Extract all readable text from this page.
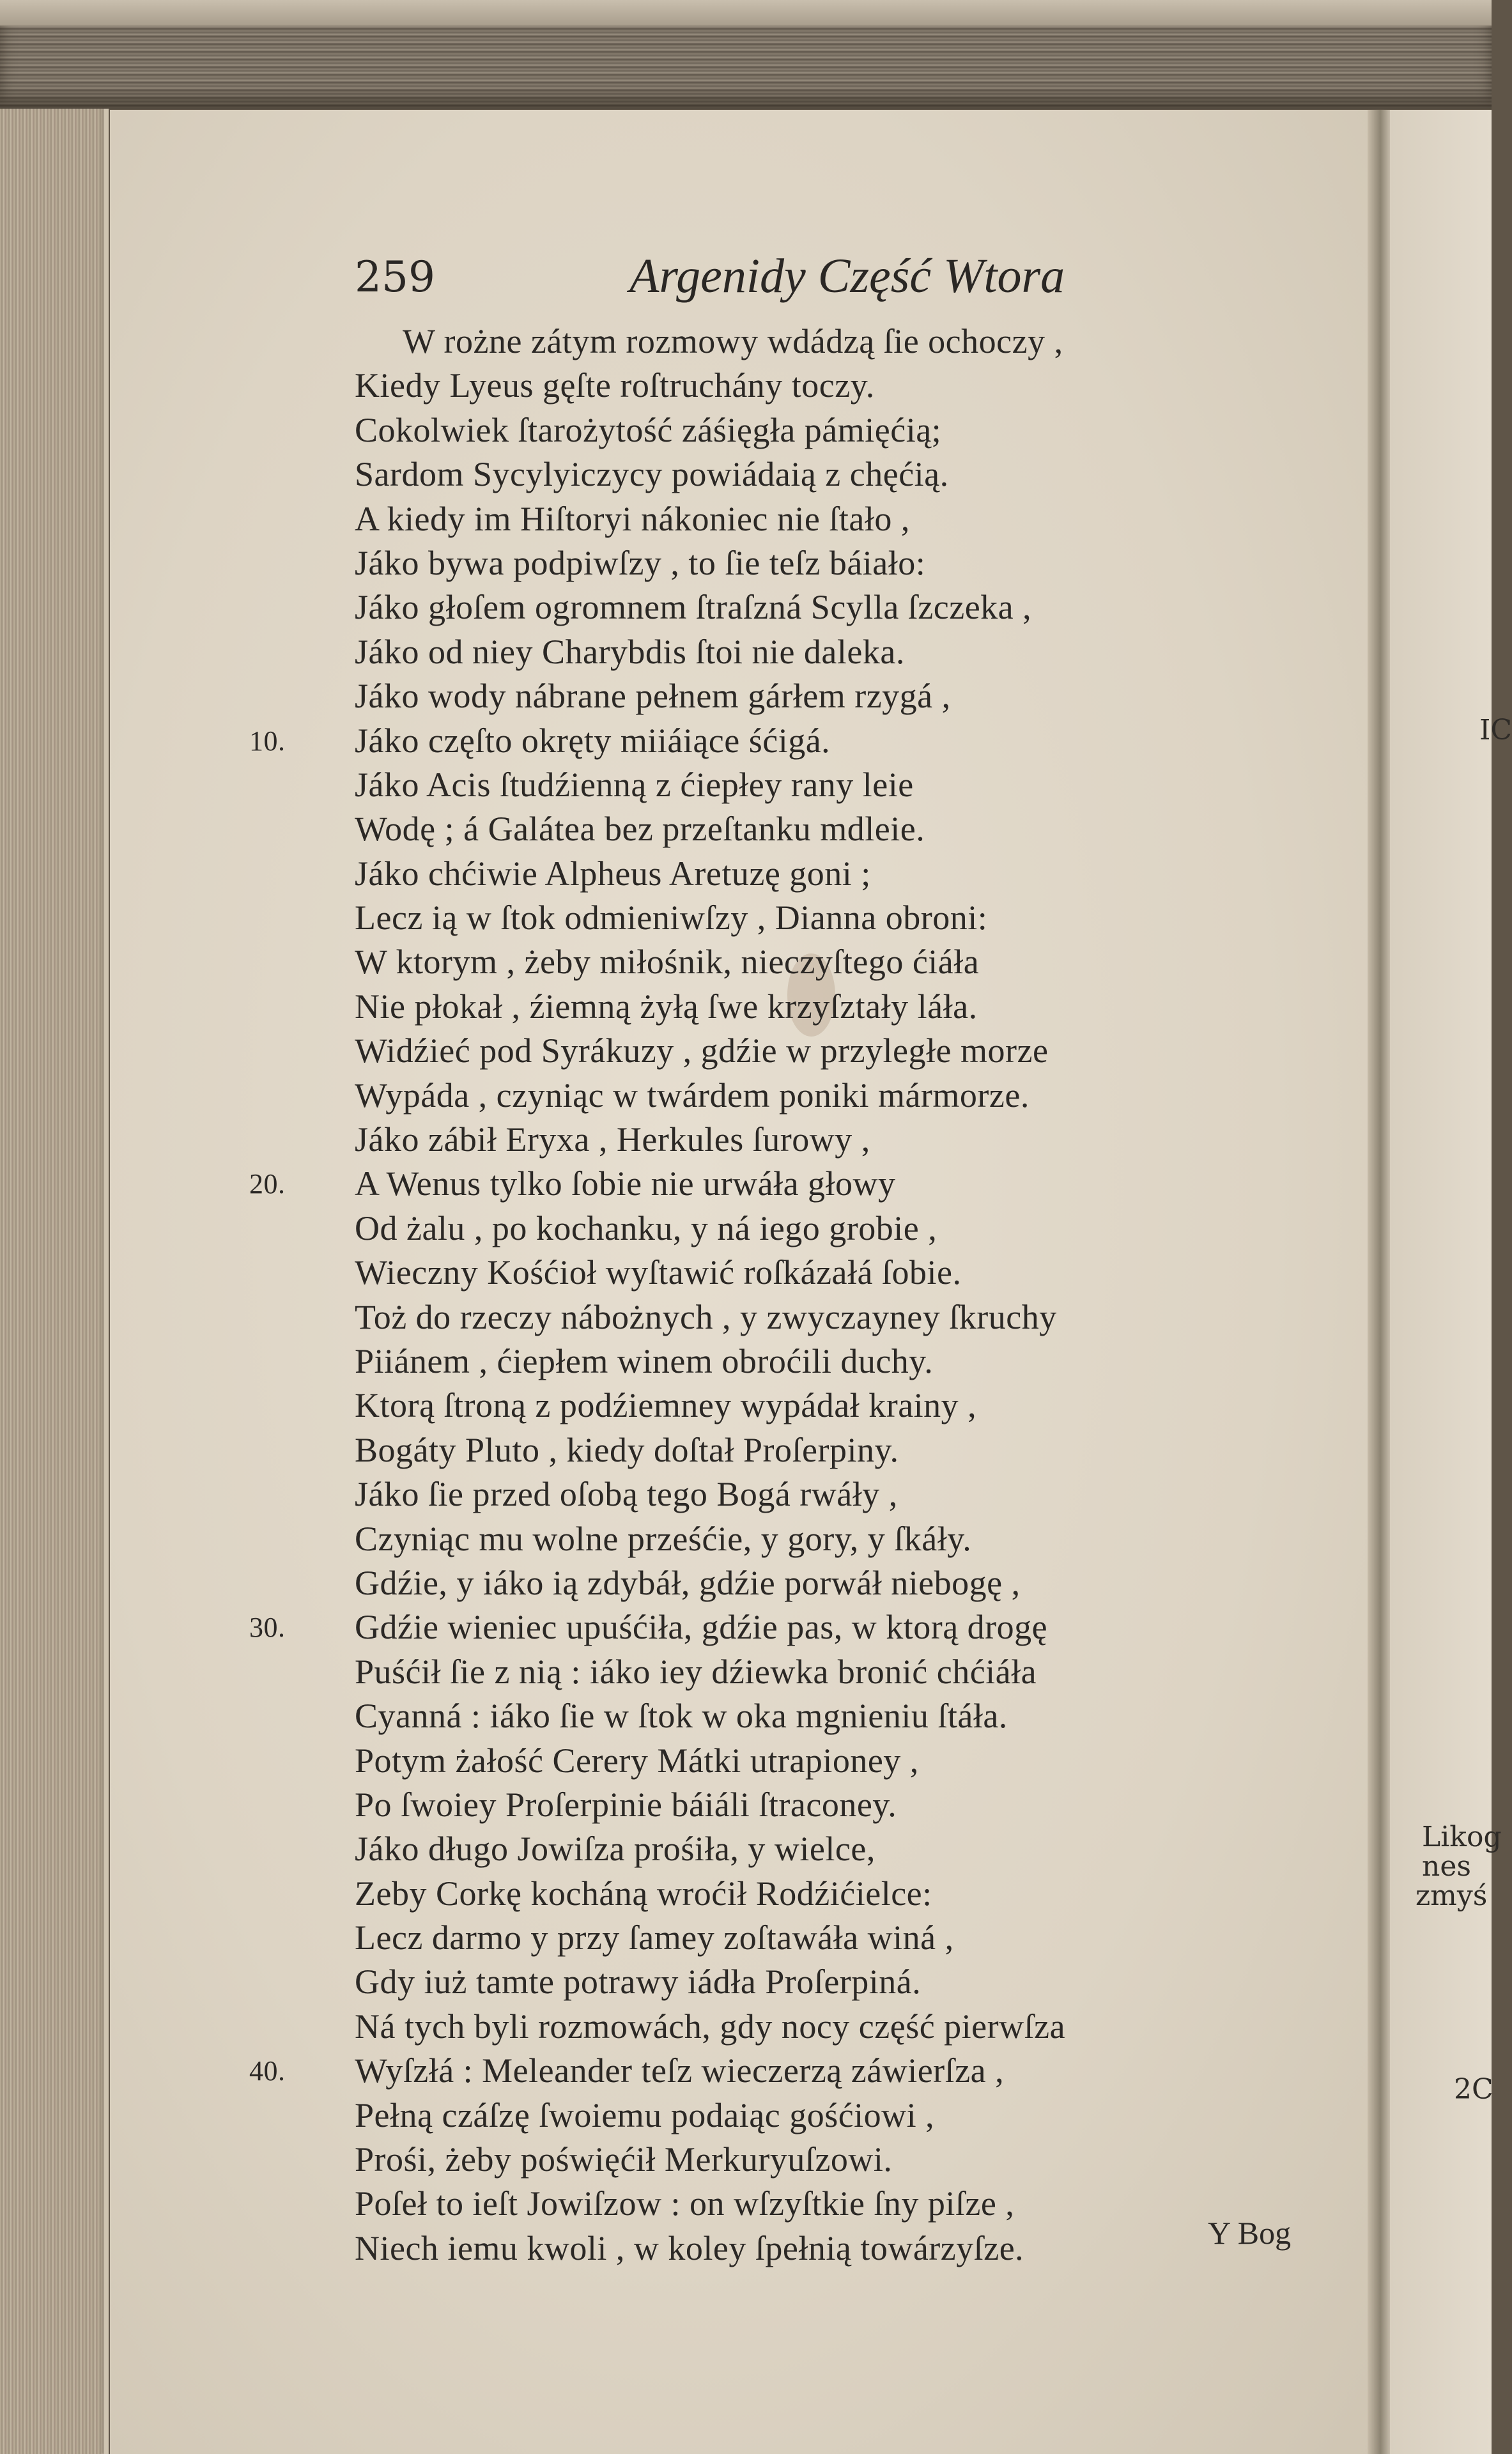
259	Argenidy Część Wtora
W rożne zátym rozmowy wdádzą ſie ochoczy ,
Kiedy Lyeus gęſte roſtruchány toczy.
Cokolwiek ſtarożytość záśięgła pámięćią;
Sardom Sycylyiczycy powiádaią z chęćią.
A kiedy im Hiſtoryi nákoniec nie ſtało ,
Jáko bywa podpiwſzy , to ſie teſz báiało:
Jáko głoſem ogromnem ſtraſzná Scylla ſzczeka ,
Jáko od niey Charybdis ſtoi nie daleka.
Jáko wody nábrane pełnem gárłem rzygá ,
Jáko częſto okręty miiáiące śćigá.
10.
Jáko Acis ſtudźienną z ćiepłey rany leie
Wodę ; á Galátea bez przeſtanku mdleie.
Jáko chćiwie Alpheus Aretuzę goni ;
Lecz ią w ſtok odmieniwſzy , Dianna obroni:
W ktorym , żeby miłośnik, nieczyſtego ćiáła
Nie płokał , źiemną żyłą ſwe krzyſztały láła.
Widźieć pod Syrákuzy , gdźie w przyległe morze
Wypáda , czyniąc w twárdem poniki mármorze.
Jáko zábił Eryxa , Herkules ſurowy ,
A Wenus tylko ſobie nie urwáła głowy
20.
Od żalu , po kochanku, y ná iego grobie ,
Wieczny Kośćioł wyſtawić roſkázałá ſobie.
Toż do rzeczy nábożnych , y zwyczayney ſkruchy
Piiánem , ćiepłem winem obroćili duchy.
Ktorą ſtroną z podźiemney wypádał krainy ,
Bogáty Pluto , kiedy doſtał Proſerpiny.
Jáko ſie przed oſobą tego Bogá rwáły ,
Czyniąc mu wolne prześćie, y gory, y ſkáły.
Gdźie, y iáko ią zdybáł, gdźie porwáł niebogę ,
Gdźie wieniec upuśćiła, gdźie pas, w ktorą drogę
30.
Puśćił ſie z nią : iáko iey dźiewka bronić chćiáła
Cyanná : iáko ſie w ſtok w oka mgnieniu ſtáła.
Potym żałość Cerery Mátki utrapioney ,
Po ſwoiey Proſerpinie báiáli ſtraconey.
Jáko długo Jowiſza prośiła, y wielce,
Zeby Corkę kocháną wroćił Rodźićielce:
Lecz darmo y przy ſamey zoſtawáła winá ,
Gdy iuż tamte potrawy iádła Proſerpiná.
Ná tych byli rozmowách, gdy nocy część pierwſza
Wyſzłá : Meleander teſz wieczerzą záwierſza ,
40.
Pełną czáſzę ſwoiemu podaiąc gośćiowi ,
Prośi, żeby poświęćił Merkuryuſzowi.
Poſeł to ieſt Jowiſzow : on wſzyſtkie ſny piſze ,
Niech iemu kwoli , w koley ſpełnią towárzyſze.	Y Bog
IC
Likog
nes
zmyś
2C
